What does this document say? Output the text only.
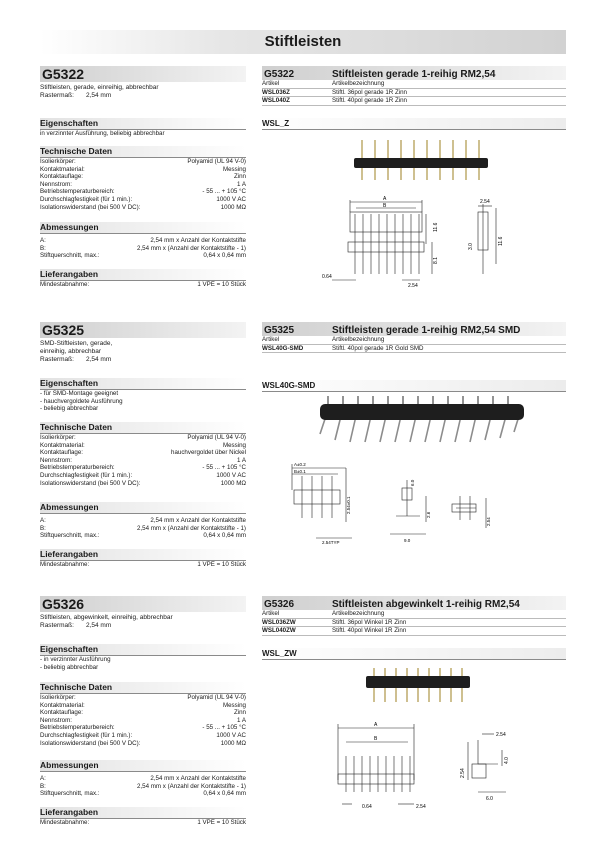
Stiftleisten
G5322
Stiftleisten, gerade, einreihig, abbrechbar
Rastermaß: 2,54 mm
Eigenschaften
in verzinnter Ausführung, beliebig abbrechbar
Technische Daten
Isolierkörper:	Polyamid (UL 94 V-0)
Kontaktmaterial:	Messing
Kontaktauflage:	Zinn
Nennstrom:	1 A
Betriebstemperaturbereich:	- 55 ... + 105 °C
Durchschlagfestigkeit (für 1 min.):	1000 V AC
Isolationswiderstand (bei 500 V DC):	1000 MΩ
Abmessungen
A:	2,54 mm x Anzahl der Kontaktstifte
B:	2,54 mm x (Anzahl der Kontaktstifte - 1)
Stiftquerschnitt, max.:	0,64 x 0,64 mm
Lieferangaben
Mindestabnahme:	1 VPE = 10 Stück
G5322	Stiftleisten gerade 1-reihig RM2,54
Artikel	Artikelbezeichnung
WSL036Z	Stiftl. 36pol gerade 1R Zinn
WSL040Z	Stiftl. 40pol gerade 1R Zinn
WSL_Z
A
B
0.64
2.54
11.6
8.1
3.0
2.54
11.6
G5325
SMD-Stiftleisten, gerade,
einreihig, abbrechbar
Rastermaß: 2,54 mm
Eigenschaften
- für SMD-Montage geeignet
- hauchvergoldete Ausführung
- beliebig abbrechbar
Technische Daten
Isolierkörper:	Polyamid (UL 94 V-0)
Kontaktmaterial:	Messing
Kontaktauflage:	hauchvergoldet über Nickel
Nennstrom:	1 A
Betriebstemperaturbereich:	- 55 ... + 105 °C
Durchschlagfestigkeit (für 1 min.):	1000 V AC
Isolationswiderstand (bei 500 V DC):	1000 MΩ
Abmessungen
A:	2,54 mm x Anzahl der Kontaktstifte
B:	2,54 mm x (Anzahl der Kontaktstifte - 1)
Stiftquerschnitt, max.:	0,64 x 0,64 mm
Lieferangaben
Mindestabnahme:	1 VPE = 10 Stück
G5325	Stiftleisten gerade 1-reihig RM2,54 SMD
Artikel	Artikelbezeichnung
WSL40G-SMD	Stiftl. 40pol gerade 1R Gold SMD
WSL40G-SMD
A±0.2
B±0.1
2.54±0.1
2.54TYP
6.0
2.6
9.0
2.54
G5326
Stiftleisten, abgewinkelt, einreihig, abbrechbar
Rastermaß: 2,54 mm
Eigenschaften
- in verzinnter Ausführung
- beliebig abbrechbar
Technische Daten
Isolierkörper:	Polyamid (UL 94 V-0)
Kontaktmaterial:	Messing
Kontaktauflage:	Zinn
Nennstrom:	1 A
Betriebstemperaturbereich:	- 55 ... + 105 °C
Durchschlagfestigkeit (für 1 min.):	1000 V AC
Isolationswiderstand (bei 500 V DC):	1000 MΩ
Abmessungen
A:	2,54 mm x Anzahl der Kontaktstifte
B:	2,54 mm x (Anzahl der Kontaktstifte - 1)
Stiftquerschnitt, max.:	0,64 x 0,64 mm
Lieferangaben
Mindestabnahme:	1 VPE = 10 Stück
G5326	Stiftleisten abgewinkelt 1-reihig RM2,54
Artikel	Artikelbezeichnung
WSL036ZW	Stiftl. 36pol Winkel 1R Zinn
WSL040ZW	Stiftl. 40pol Winkel 1R Zinn
WSL_ZW
A
B
0.64	2.54
2.54
4.0
2.54
6.0
